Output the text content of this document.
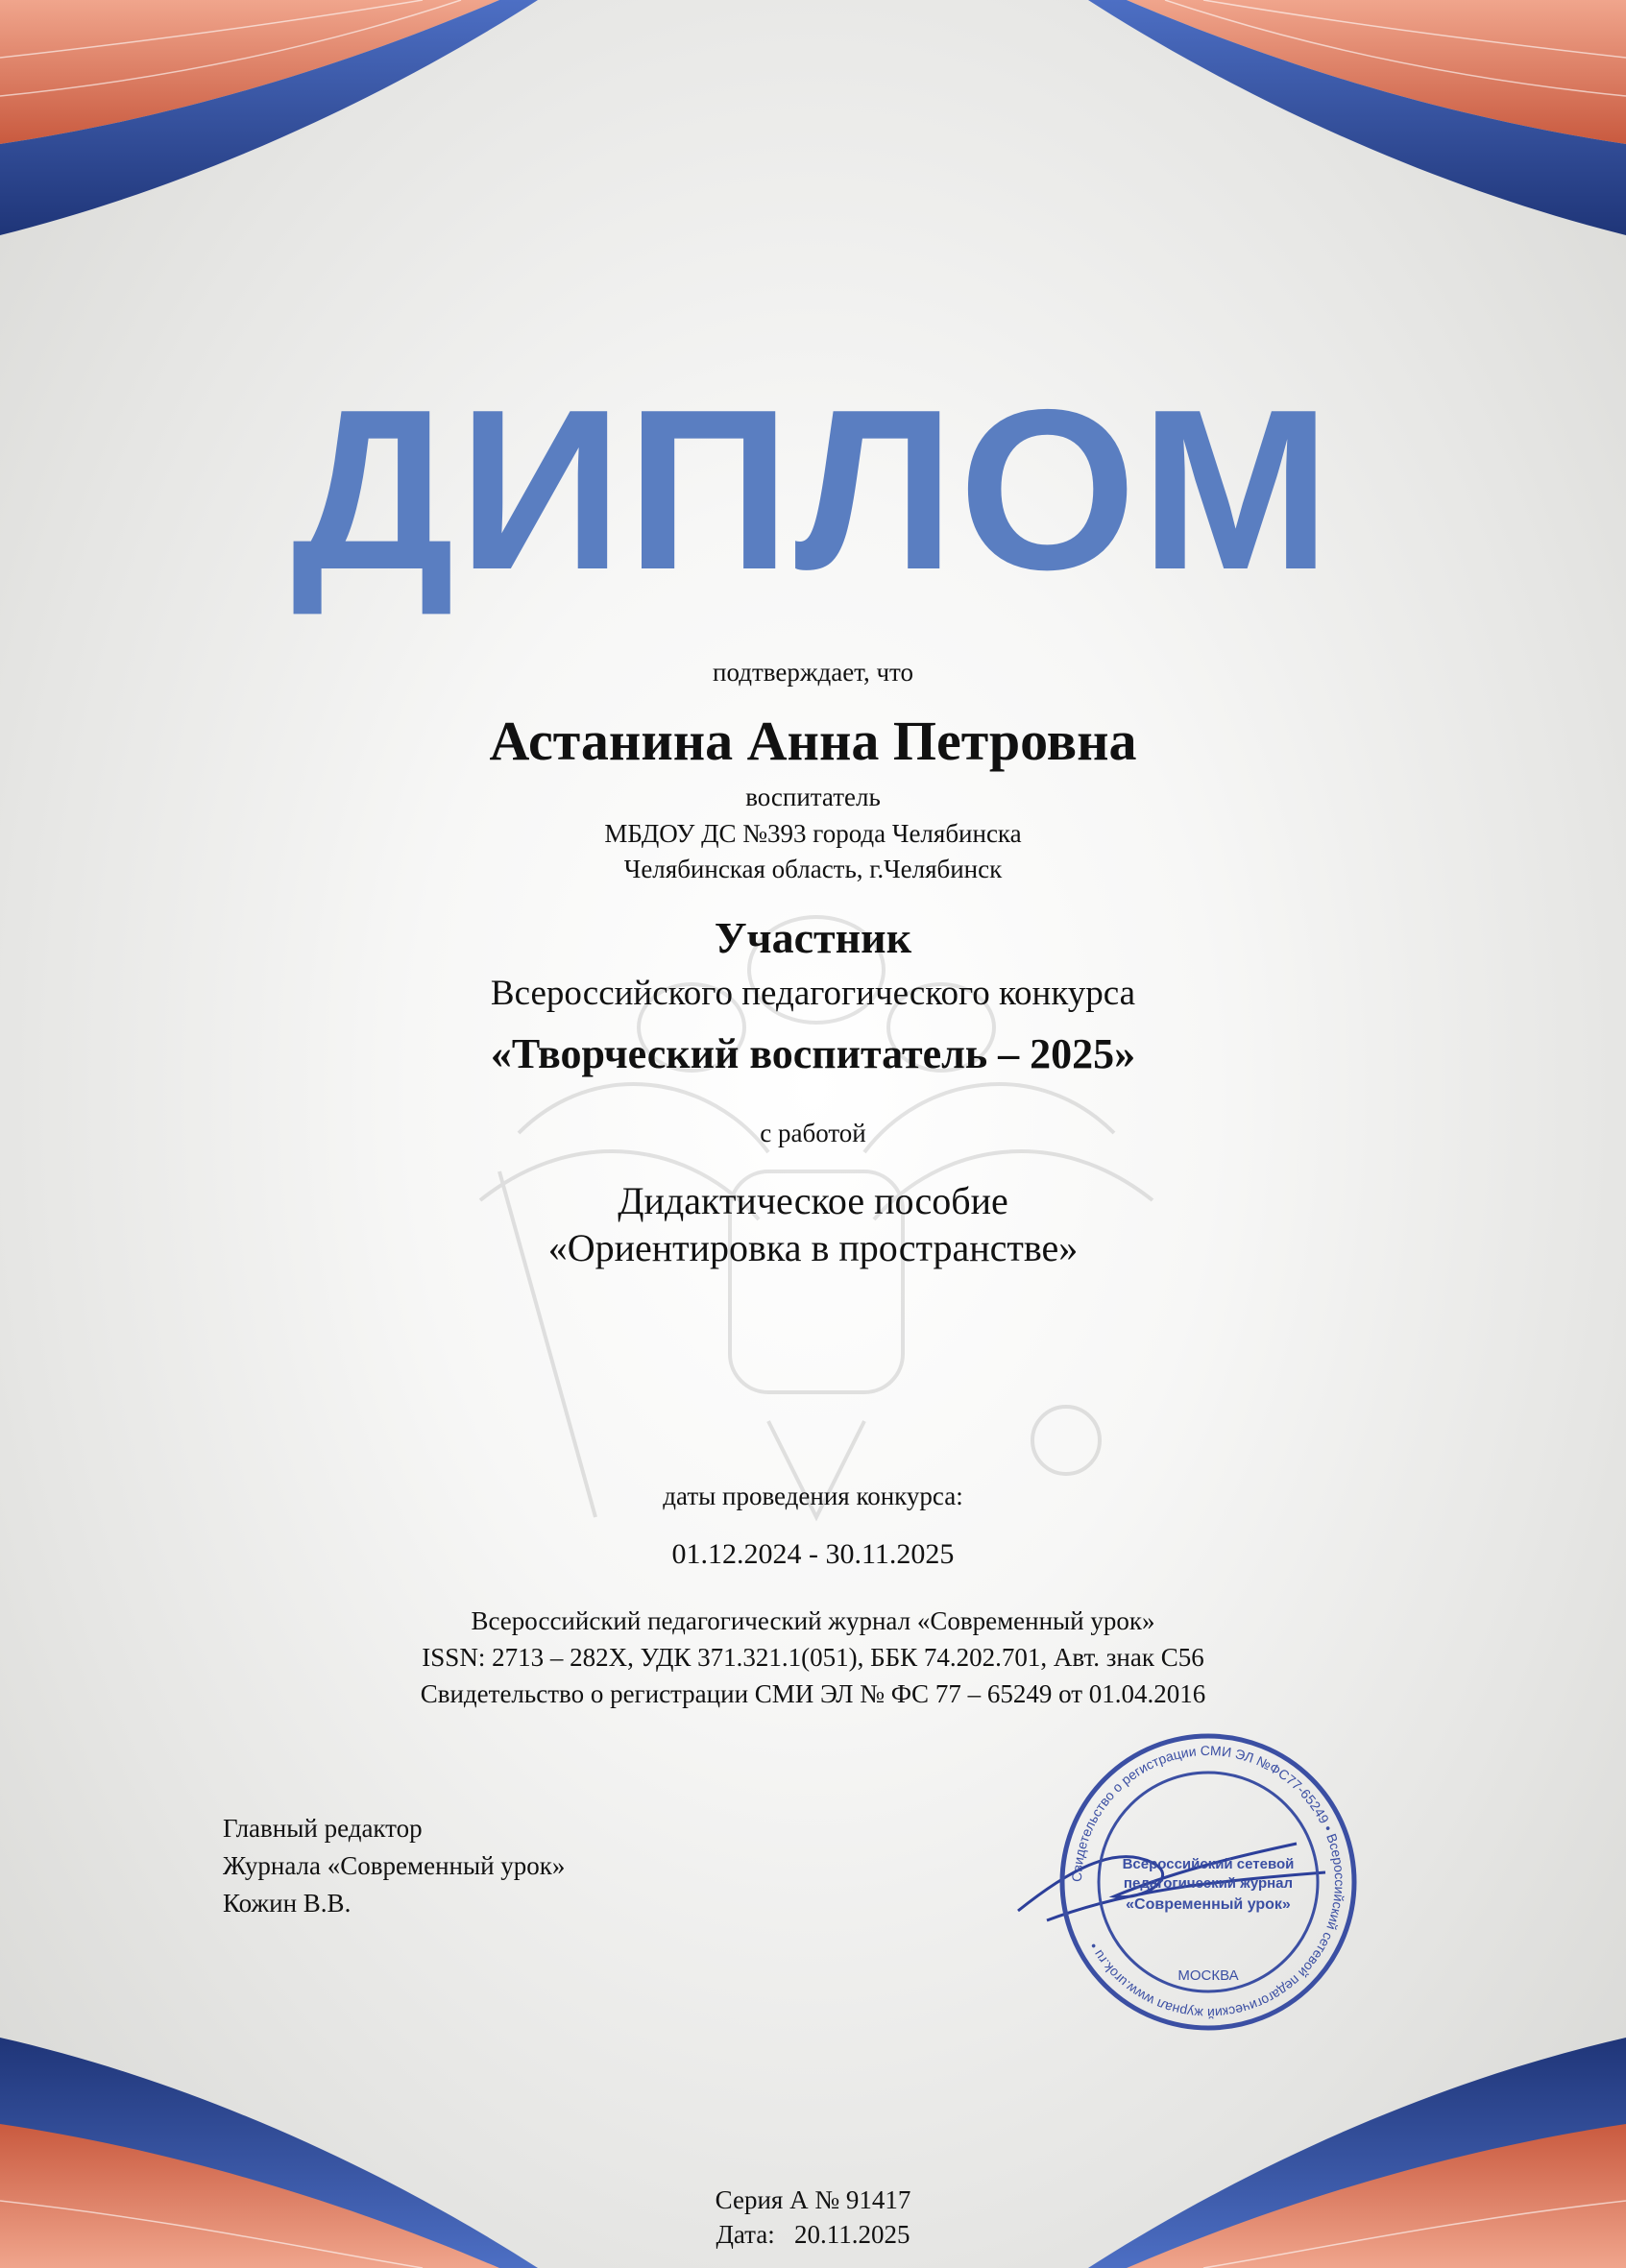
ДИПЛОМ
подтверждает, что
Астанина Анна Петровна
воспитатель
МБДОУ ДС №393 города Челябинска
Челябинская область, г.Челябинск
Участник
Всероссийского педагогического конкурса
«Творческий воспитатель – 2025»
с работой
Дидактическое пособие
«Ориентировка в пространстве»
даты проведения конкурса:
01.12.2024 - 30.11.2025
Всероссийский педагогический журнал «Современный урок»
ISSN: 2713 – 282X, УДК 371.321.1(051), ББК 74.202.701, Авт. знак С56
Свидетельство о регистрации СМИ ЭЛ № ФС 77 – 65249 от 01.04.2016
Главный редактор
Журнала «Современный урок»
Кожин В.В.
Свидетельство о регистрации СМИ ЭЛ №ФС77-65249 • Всероссийский сетевой педагогический журнал www.urok.ru •
Всероссийский сетевой
педагогический журнал
«Современный урок»
МОСКВА
Серия А № 91417
Дата:   20.11.2025
